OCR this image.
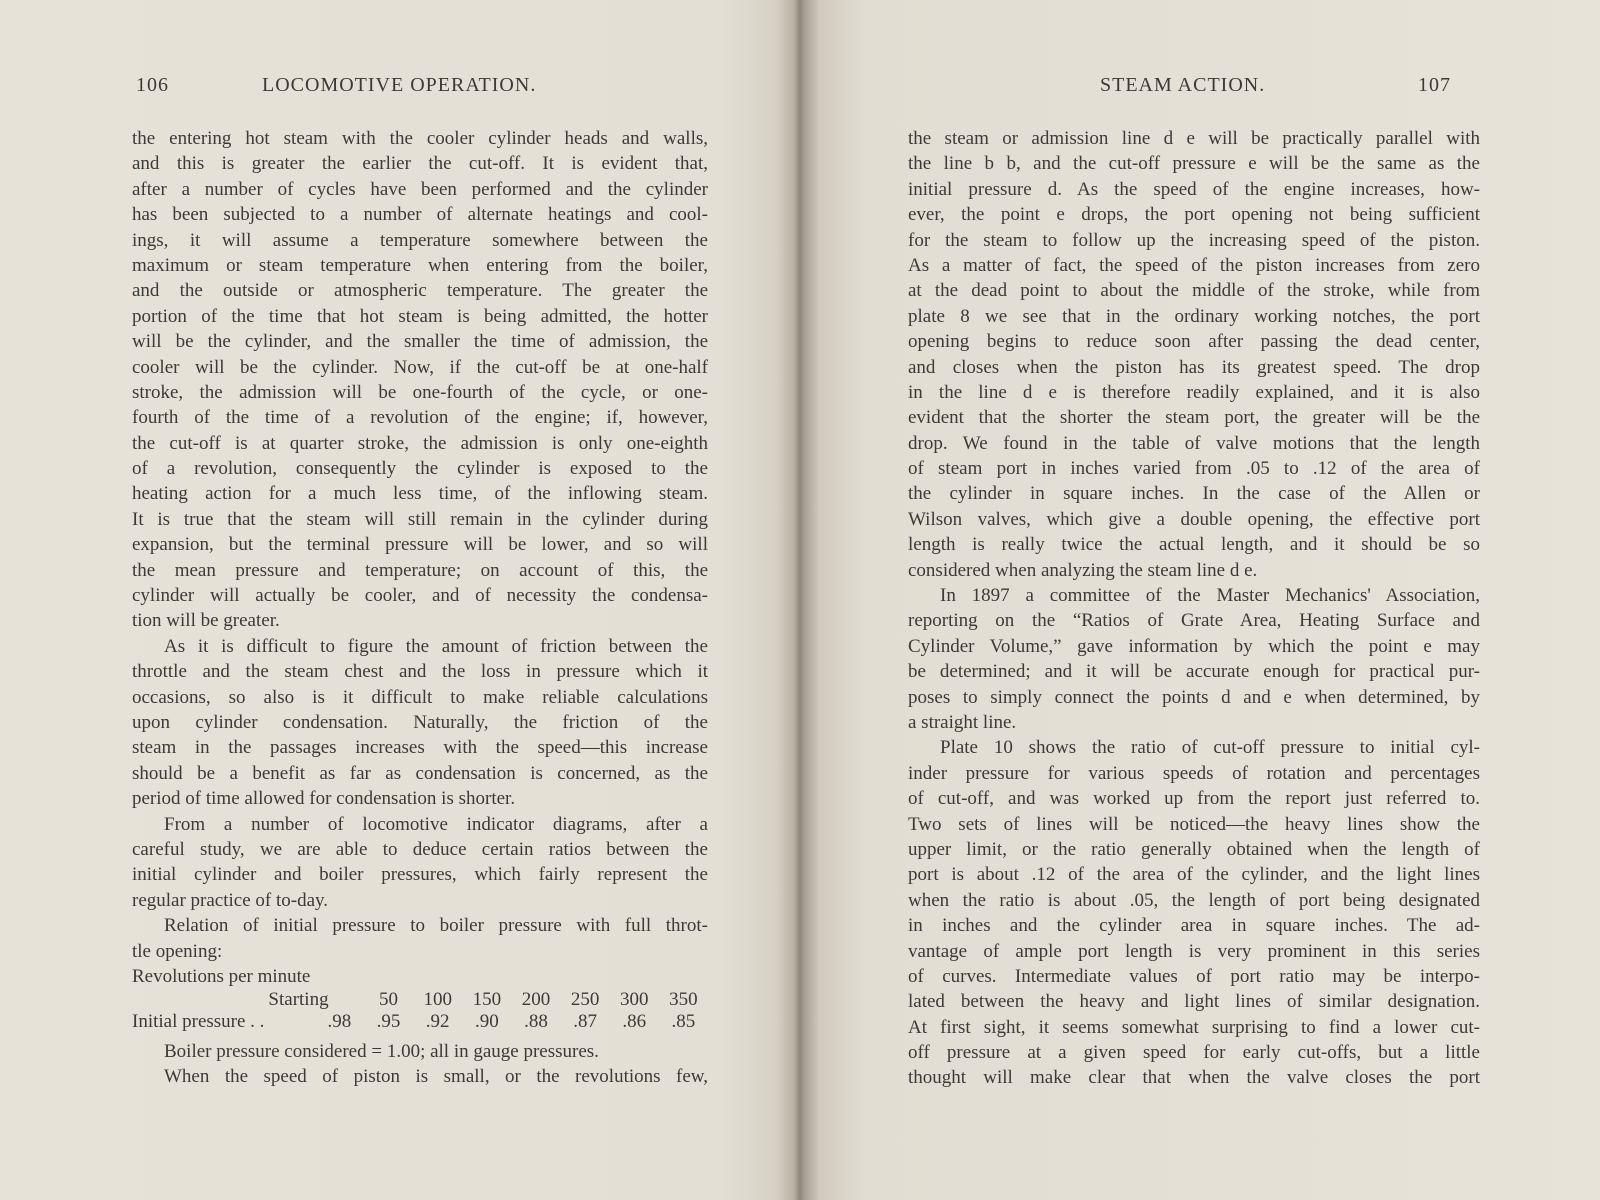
106	LOCOMOTIVE OPERATION.
the entering hot steam with the cooler cylinder heads and walls,
and this is greater the earlier the cut-off. It is evident that,
after a number of cycles have been performed and the cylinder
has been subjected to a number of alternate heatings and cool-
ings, it will assume a temperature somewhere between the
maximum or steam temperature when entering from the boiler,
and the outside or atmospheric temperature. The greater the
portion of the time that hot steam is being admitted, the hotter
will be the cylinder, and the smaller the time of admission, the
cooler will be the cylinder. Now, if the cut-off be at one-half
stroke, the admission will be one-fourth of the cycle, or one-
fourth of the time of a revolution of the engine; if, however,
the cut-off is at quarter stroke, the admission is only one-eighth
of a revolution, consequently the cylinder is exposed to the
heating action for a much less time, of the inflowing steam.
It is true that the steam will still remain in the cylinder during
expansion, but the terminal pressure will be lower, and so will
the mean pressure and temperature; on account of this, the
cylinder will actually be cooler, and of necessity the condensa-
tion will be greater.
As it is difficult to figure the amount of friction between the
throttle and the steam chest and the loss in pressure which it
occasions, so also is it difficult to make reliable calculations
upon cylinder condensation. Naturally, the friction of the
steam in the passages increases with the speed—this increase
should be a benefit as far as condensation is concerned, as the
period of time allowed for condensation is shorter.
From a number of locomotive indicator diagrams, after a
careful study, we are able to deduce certain ratios between the
initial cylinder and boiler pressures, which fairly represent the
regular practice of to-day.
Relation of initial pressure to boiler pressure with full throt-
tle opening:
Revolutions per minute
Starting	50	100	150	200	250	300	350
Initial pressure . .	.98	.95	.92	.90	.88	.87	.86	.85
Boiler pressure considered = 1.00; all in gauge pressures.
When the speed of piston is small, or the revolutions few,
STEAM ACTION.	107
the steam or admission line d e will be practically parallel with
the line b b, and the cut-off pressure e will be the same as the
initial pressure d. As the speed of the engine increases, how-
ever, the point e drops, the port opening not being sufficient
for the steam to follow up the increasing speed of the piston.
As a matter of fact, the speed of the piston increases from zero
at the dead point to about the middle of the stroke, while from
plate 8 we see that in the ordinary working notches, the port
opening begins to reduce soon after passing the dead center,
and closes when the piston has its greatest speed. The drop
in the line d e is therefore readily explained, and it is also
evident that the shorter the steam port, the greater will be the
drop. We found in the table of valve motions that the length
of steam port in inches varied from .05 to .12 of the area of
the cylinder in square inches. In the case of the Allen or
Wilson valves, which give a double opening, the effective port
length is really twice the actual length, and it should be so
considered when analyzing the steam line d e.
In 1897 a committee of the Master Mechanics' Association,
reporting on the “Ratios of Grate Area, Heating Surface and
Cylinder Volume,” gave information by which the point e may
be determined; and it will be accurate enough for practical pur-
poses to simply connect the points d and e when determined, by
a straight line.
Plate 10 shows the ratio of cut-off pressure to initial cyl-
inder pressure for various speeds of rotation and percentages
of cut-off, and was worked up from the report just referred to.
Two sets of lines will be noticed—the heavy lines show the
upper limit, or the ratio generally obtained when the length of
port is about .12 of the area of the cylinder, and the light lines
when the ratio is about .05, the length of port being designated
in inches and the cylinder area in square inches. The ad-
vantage of ample port length is very prominent in this series
of curves. Intermediate values of port ratio may be interpo-
lated between the heavy and light lines of similar designation.
At first sight, it seems somewhat surprising to find a lower cut-
off pressure at a given speed for early cut-offs, but a little
thought will make clear that when the valve closes the port
